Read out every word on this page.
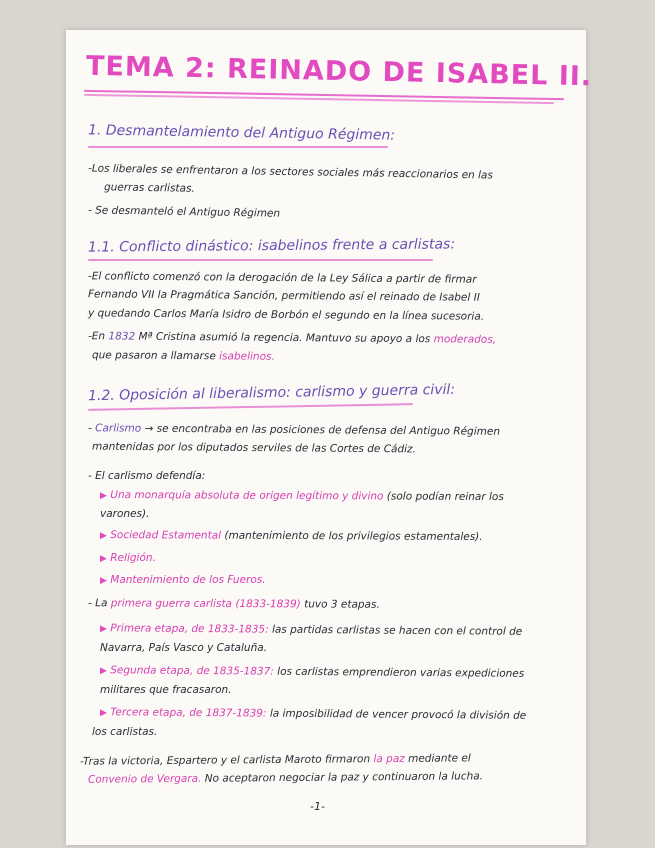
TEMA 2: REINADO DE ISABEL II.
1. Desmantelamiento del Antiguo Régimen:
-Los liberales se enfrentaron a los sectores sociales más reaccionarios en las
guerras carlistas.
- Se desmanteló el Antiguo Régimen
1.1. Conflicto dinástico: isabelinos frente a carlistas:
-El conflicto comenzó con la derogación de la Ley Sálica a partir de firmar
Fernando VII la Pragmática Sanción, permitiendo así el reinado de Isabel II
y quedando Carlos María Isidro de Borbón el segundo en la línea sucesoria.
-En 1832 Mª Cristina asumió la regencia. Mantuvo su apoyo a los moderados,
que pasaron a llamarse isabelinos.
1.2. Oposición al liberalismo: carlismo y guerra civil:
- Carlismo → se encontraba en las posiciones de defensa del Antiguo Régimen
mantenidas por los diputados serviles de las Cortes de Cádiz.
- El carlismo defendía:
▶ Una monarquía absoluta de origen legítimo y divino (solo podían reinar los
varones).
▶ Sociedad Estamental (mantenimiento de los privilegios estamentales).
▶ Religión.
▶ Mantenimiento de los Fueros.
- La primera guerra carlista (1833-1839) tuvo 3 etapas.
▶ Primera etapa, de 1833-1835: las partidas carlistas se hacen con el control de
Navarra, País Vasco y Cataluña.
▶ Segunda etapa, de 1835-1837: los carlistas emprendieron varias expediciones
militares que fracasaron.
▶ Tercera etapa, de 1837-1839: la imposibilidad de vencer provocó la división de
los carlistas.
-Tras la victoria, Espartero y el carlista Maroto firmaron la paz mediante el
Convenio de Vergara. No aceptaron negociar la paz y continuaron la lucha.
-1-
